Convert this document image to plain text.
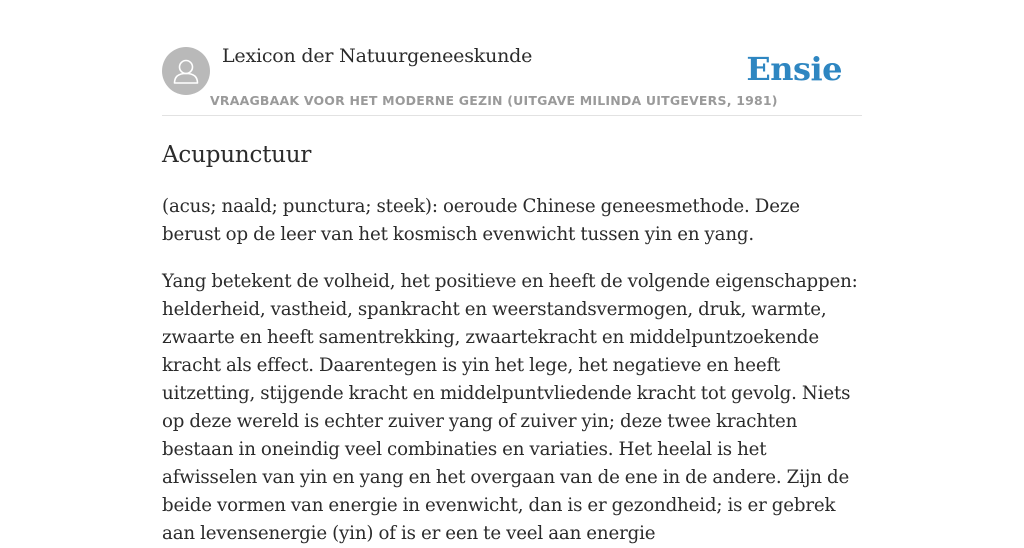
Lexicon der Natuurgeneeskunde
VRAAGBAAK VOOR HET MODERNE GEZIN (UITGAVE MILINDA UITGEVERS, 1981)
Ensie
Acupunctuur

(acus; naald; punctura; steek): oeroude Chinese geneesmethode. Deze berust op de leer van het kosmisch evenwicht tussen yin en yang.

Yang betekent de volheid, het positieve en heeft de volgende eigenschappen: helderheid, vastheid, spankracht en weerstandsvermogen, druk, warmte, zwaarte en heeft samentrekking, zwaartekracht en middelpuntzoekende kracht als effect. Daarentegen is yin het lege, het negatieve en heeft uitzetting, stijgende kracht en middelpuntvliedende kracht tot gevolg. Niets op deze wereld is echter zuiver yang of zuiver yin; deze twee krachten bestaan in oneindig veel combinaties en variaties. Het heelal is het afwisselen van yin en yang en het overgaan van de ene in de andere. Zijn de beide vormen van energie in evenwicht, dan is er gezondheid; is er gebrek aan levensenergie (yin) of is er een te veel aan energie
